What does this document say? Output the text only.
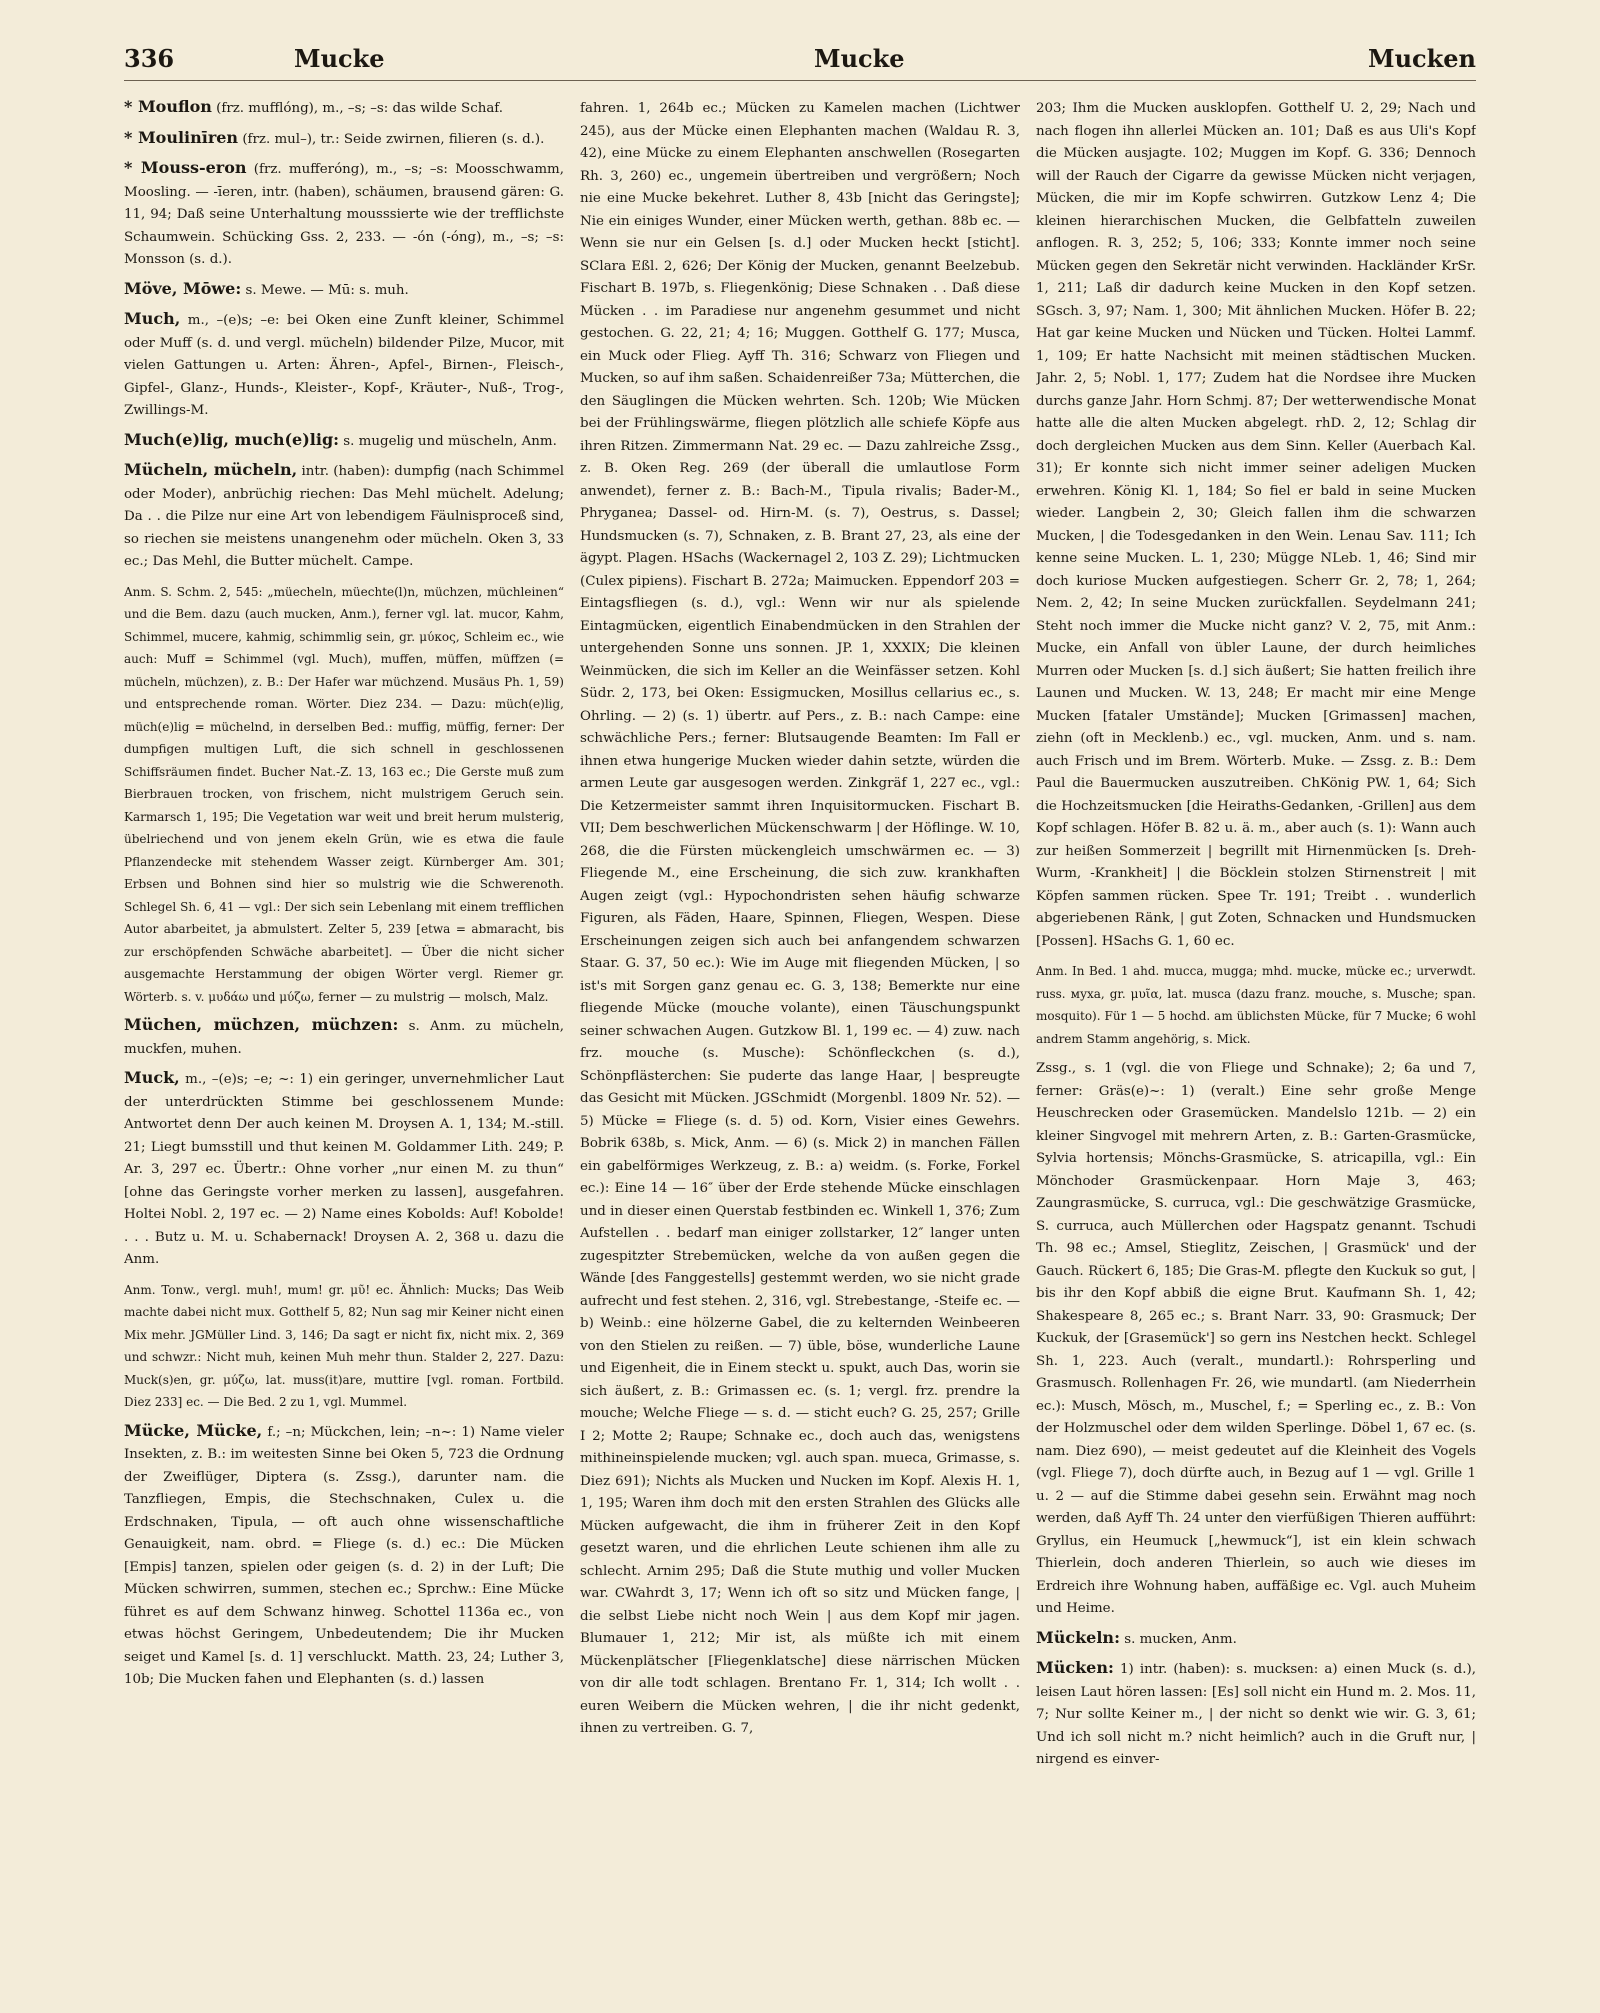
336	Mucke	Mucke	Mucken

* Mouflon (frz. mufflóng), m., –s; –s: das wilde Schaf.

* Moulinīren (frz. mul–), tr.: Seide zwirnen, filieren (s. d.).

* Mouss-eron (frz. mufferóng), m., –s; –s: Moosschwamm, Moosling. — -īeren, intr. (haben), schäumen, brausend gären: G. 11, 94; Daß seine Unterhaltung mousssierte wie der trefflichste Schaumwein. Schücking Gss. 2, 233. — -ón (-óng), m., –s; –s: Monsson (s. d.).

Möve, Mōwe: s. Mewe. — Mū: s. muh.

Much, m., –(e)s; –e: bei Oken eine Zunft kleiner, Schimmel oder Muff (s. d. und vergl. mücheln) bildender Pilze, Mucor, mit vielen Gattungen u. Arten: Ähren-, Apfel-, Birnen-, Fleisch-, Gipfel-, Glanz-, Hunds-, Kleister-, Kopf-, Kräuter-, Nuß-, Trog-, Zwillings-M.

Much(e)lig, much(e)lig: s. mugelig und müscheln, Anm.

Mücheln, mücheln, intr. (haben): dumpfig (nach Schimmel oder Moder), anbrüchig riechen: Das Mehl müchelt. Adelung; Da . . die Pilze nur eine Art von lebendigem Fäulnisproceß sind, so riechen sie meistens unangenehm oder mücheln. Oken 3, 33 ec.; Das Mehl, die Butter müchelt. Campe.

Anm. S. Schm. 2, 545: „müecheln, müechte(l)n, müchzen, müchleinen“ und die Bem. dazu (auch mucken, Anm.), ferner vgl. lat. mucor, Kahm, Schimmel, mucere, kahmig, schimmlig sein, gr. μύκος, Schleim ec., wie auch: Muff = Schimmel (vgl. Much), muffen, müffen, müffzen (= mücheln, müchzen), z. B.: Der Hafer war müchzend. Musäus Ph. 1, 59) und entsprechende roman. Wörter. Diez 234. — Dazu: müch(e)lig, müch(e)lig = müchelnd, in derselben Bed.: muffig, müffig, ferner: Der dumpfigen multigen Luft, die sich schnell in geschlossenen Schiffsräumen findet. Bucher Nat.-Z. 13, 163 ec.; Die Gerste muß zum Bierbrauen trocken, von frischem, nicht mulstrigem Geruch sein. Karmarsch 1, 195; Die Vegetation war weit und breit herum mulsterig, übelriechend und von jenem ekeln Grün, wie es etwa die faule Pflanzendecke mit stehendem Wasser zeigt. Kürnberger Am. 301; Erbsen und Bohnen sind hier so mulstrig wie die Schwerenoth. Schlegel Sh. 6, 41 — vgl.: Der sich sein Lebenlang mit einem trefflichen Autor abarbeitet, ja abmulstert. Zelter 5, 239 [etwa = abmaracht, bis zur erschöpfenden Schwäche abarbeitet]. — Über die nicht sicher ausgemachte Herstammung der obigen Wörter vergl. Riemer gr. Wörterb. s. v. μυδάω und μύζω, ferner — zu mulstrig — molsch, Malz.

Müchen, müchzen, müchzen: s. Anm. zu mücheln, muckfen, muhen.

Muck, m., –(e)s; –e; ~: 1) ein geringer, unvernehmlicher Laut der unterdrückten Stimme bei geschlossenem Munde: Antwortet denn Der auch keinen M. Droysen A. 1, 134; M.-still. 21; Liegt bumsstill und thut keinen M. Goldammer Lith. 249; P. Ar. 3, 297 ec. Übertr.: Ohne vorher „nur einen M. zu thun“ [ohne das Geringste vorher merken zu lassen], ausgefahren. Holtei Nobl. 2, 197 ec. — 2) Name eines Kobolds: Auf! Kobolde! . . . Butz u. M. u. Schabernack! Droysen A. 2, 368 u. dazu die Anm.

Anm. Tonw., vergl. muh!, mum! gr. μῦ! ec. Ähnlich: Mucks; Das Weib machte dabei nicht mux. Gotthelf 5, 82; Nun sag mir Keiner nicht einen Mix mehr. JGMüller Lind. 3, 146; Da sagt er nicht fix, nicht mix. 2, 369 und schwzr.: Nicht muh, keinen Muh mehr thun. Stalder 2, 227. Dazu: Muck(s)en, gr. μύζω, lat. muss(it)are, muttire [vgl. roman. Fortbild. Diez 233] ec. — Die Bed. 2 zu 1, vgl. Mummel.

Mücke, Mücke, f.; –n; Mückchen, lein; –n~: 1) Name vieler Insekten, z. B.: im weitesten Sinne bei Oken 5, 723 die Ordnung der Zweiflüger, Diptera (s. Zssg.), darunter nam. die Tanzfliegen, Empis, die Stechschnaken, Culex u. die Erdschnaken, Tipula, — oft auch ohne wissenschaftliche Genauigkeit, nam. obrd. = Fliege (s. d.) ec.: Die Mücken [Empis] tanzen, spielen oder geigen (s. d. 2) in der Luft; Die Mücken schwirren, summen, stechen ec.; Sprchw.: Eine Mücke führet es auf dem Schwanz hinweg. Schottel 1136a ec., von etwas höchst Geringem, Unbedeutendem; Die ihr Mucken seiget und Kamel [s. d. 1] verschluckt. Matth. 23, 24; Luther 3, 10b; Die Mucken fahen und Elephanten (s. d.) lassen

fahren. 1, 264b ec.; Mücken zu Kamelen machen (Lichtwer 245), aus der Mücke einen Elephanten machen (Waldau R. 3, 42), eine Mücke zu einem Elephanten anschwellen (Rosegarten Rh. 3, 260) ec., ungemein übertreiben und vergrößern; Noch nie eine Mucke bekehret. Luther 8, 43b [nicht das Geringste]; Nie ein einiges Wunder, einer Mücken werth, gethan. 88b ec. — Wenn sie nur ein Gelsen [s. d.] oder Mucken heckt [sticht]. SClara Eßl. 2, 626; Der König der Mucken, genannt Beelzebub. Fischart B. 197b, s. Fliegenkönig; Diese Schnaken . . Daß diese Mücken . . im Paradiese nur angenehm gesummet und nicht gestochen. G. 22, 21; 4; 16; Muggen. Gotthelf G. 177; Musca, ein Muck oder Flieg. Ayff Th. 316; Schwarz von Fliegen und Mucken, so auf ihm saßen. Schaidenreißer 73a; Mütterchen, die den Säuglingen die Mücken wehrten. Sch. 120b; Wie Mücken bei der Frühlingswärme, fliegen plötzlich alle schiefe Köpfe aus ihren Ritzen. Zimmermann Nat. 29 ec. — Dazu zahlreiche Zssg., z. B. Oken Reg. 269 (der überall die umlautlose Form anwendet), ferner z. B.: Bach-M., Tipula rivalis; Bader-M., Phryganea; Dassel- od. Hirn-M. (s. 7), Oestrus, s. Dassel; Hundsmucken (s. 7), Schnaken, z. B. Brant 27, 23, als eine der ägypt. Plagen. HSachs (Wackernagel 2, 103 Z. 29); Lichtmucken (Culex pipiens). Fischart B. 272a; Maimucken. Eppendorf 203 = Eintagsfliegen (s. d.), vgl.: Wenn wir nur als spielende Eintagmücken, eigentlich Einabendmücken in den Strahlen der untergehenden Sonne uns sonnen. JP. 1, XXXIX; Die kleinen Weinmücken, die sich im Keller an die Weinfässer setzen. Kohl Südr. 2, 173, bei Oken: Essigmucken, Mosillus cellarius ec., s. Ohrling. — 2) (s. 1) übertr. auf Pers., z. B.: nach Campe: eine schwächliche Pers.; ferner: Blutsaugende Beamten: Im Fall er ihnen etwa hungerige Mucken wieder dahin setzte, würden die armen Leute gar ausgesogen werden. Zinkgräf 1, 227 ec., vgl.: Die Ketzermeister sammt ihren Inquisitormucken. Fischart B. VII; Dem beschwerlichen Mückenschwarm | der Höflinge. W. 10, 268, die die Fürsten mückengleich umschwärmen ec. — 3) Fliegende M., eine Erscheinung, die sich zuw. krankhaften Augen zeigt (vgl.: Hypochondristen sehen häufig schwarze Figuren, als Fäden, Haare, Spinnen, Fliegen, Wespen. Diese Erscheinungen zeigen sich auch bei anfangendem schwarzen Staar. G. 37, 50 ec.): Wie im Auge mit fliegenden Mücken, | so ist's mit Sorgen ganz genau ec. G. 3, 138; Bemerkte nur eine fliegende Mücke (mouche volante), einen Täuschungspunkt seiner schwachen Augen. Gutzkow Bl. 1, 199 ec. — 4) zuw. nach frz. mouche (s. Musche): Schönfleckchen (s. d.), Schönpflästerchen: Sie puderte das lange Haar, | bespreugte das Gesicht mit Mücken. JGSchmidt (Morgenbl. 1809 Nr. 52). — 5) Mücke = Fliege (s. d. 5) od. Korn, Visier eines Gewehrs. Bobrik 638b, s. Mick, Anm. — 6) (s. Mick 2) in manchen Fällen ein gabelförmiges Werkzeug, z. B.: a) weidm. (s. Forke, Forkel ec.): Eine 14 — 16″ über der Erde stehende Mücke einschlagen und in dieser einen Querstab festbinden ec. Winkell 1, 376; Zum Aufstellen . . bedarf man einiger zollstarker, 12″ langer unten zugespitzter Strebemücken, welche da von außen gegen die Wände [des Fanggestells] gestemmt werden, wo sie nicht grade aufrecht und fest stehen. 2, 316, vgl. Strebestange, -Steife ec. — b) Weinb.: eine hölzerne Gabel, die zu kelternden Weinbeeren von den Stielen zu reißen. — 7) üble, böse, wunderliche Laune und Eigenheit, die in Einem steckt u. spukt, auch Das, worin sie sich äußert, z. B.: Grimassen ec. (s. 1; vergl. frz. prendre la mouche; Welche Fliege — s. d. — sticht euch? G. 25, 257; Grille I 2; Motte 2; Raupe; Schnake ec., doch auch das, wenigstens mithineinspielende mucken; vgl. auch span. mueca, Grimasse, s. Diez 691); Nichts als Mucken und Nucken im Kopf. Alexis H. 1, 1, 195; Waren ihm doch mit den ersten Strahlen des Glücks alle Mücken aufgewacht, die ihm in früherer Zeit in den Kopf gesetzt waren, und die ehrlichen Leute schienen ihm alle zu schlecht. Arnim 295; Daß die Stute muthig und voller Mucken war. CWahrdt 3, 17; Wenn ich oft so sitz und Mücken fange, | die selbst Liebe nicht noch Wein | aus dem Kopf mir jagen. Blumauer 1, 212; Mir ist, als müßte ich mit einem Mückenplätscher [Fliegenklatsche] diese närrischen Mücken von dir alle todt schlagen. Brentano Fr. 1, 314; Ich wollt . . euren Weibern die Mücken wehren, | die ihr nicht gedenkt, ihnen zu vertreiben. G. 7,

203; Ihm die Mucken ausklopfen. Gotthelf U. 2, 29; Nach und nach flogen ihn allerlei Mücken an. 101; Daß es aus Uli's Kopf die Mücken ausjagte. 102; Muggen im Kopf. G. 336; Dennoch will der Rauch der Cigarre da gewisse Mücken nicht verjagen, Mücken, die mir im Kopfe schwirren. Gutzkow Lenz 4; Die kleinen hierarchischen Mucken, die Gelbfatteln zuweilen anflogen. R. 3, 252; 5, 106; 333; Konnte immer noch seine Mücken gegen den Sekretär nicht verwinden. Hackländer KrSr. 1, 211; Laß dir dadurch keine Mucken in den Kopf setzen. SGsch. 3, 97; Nam. 1, 300; Mit ähnlichen Mucken. Höfer B. 22; Hat gar keine Mucken und Nücken und Tücken. Holtei Lammf. 1, 109; Er hatte Nachsicht mit meinen städtischen Mucken. Jahr. 2, 5; Nobl. 1, 177; Zudem hat die Nordsee ihre Mucken durchs ganze Jahr. Horn Schmj. 87; Der wetterwendische Monat hatte alle die alten Mucken abgelegt. rhD. 2, 12; Schlag dir doch dergleichen Mucken aus dem Sinn. Keller (Auerbach Kal. 31); Er konnte sich nicht immer seiner adeligen Mucken erwehren. König Kl. 1, 184; So fiel er bald in seine Mucken wieder. Langbein 2, 30; Gleich fallen ihm die schwarzen Mucken, | die Todesgedanken in den Wein. Lenau Sav. 111; Ich kenne seine Mucken. L. 1, 230; Mügge NLeb. 1, 46; Sind mir doch kuriose Mucken aufgestiegen. Scherr Gr. 2, 78; 1, 264; Nem. 2, 42; In seine Mucken zurückfallen. Seydelmann 241; Steht noch immer die Mucke nicht ganz? V. 2, 75, mit Anm.: Mucke, ein Anfall von übler Laune, der durch heimliches Murren oder Mucken [s. d.] sich äußert; Sie hatten freilich ihre Launen und Mucken. W. 13, 248; Er macht mir eine Menge Mucken [fataler Umstände]; Mucken [Grimassen] machen, ziehn (oft in Mecklenb.) ec., vgl. mucken, Anm. und s. nam. auch Frisch und im Brem. Wörterb. Muke. — Zssg. z. B.: Dem Paul die Bauermucken auszutreiben. ChKönig PW. 1, 64; Sich die Hochzeitsmucken [die Heiraths-Gedanken, -Grillen] aus dem Kopf schlagen. Höfer B. 82 u. ä. m., aber auch (s. 1): Wann auch zur heißen Sommerzeit | begrillt mit Hirnenmücken [s. Dreh-Wurm, -Krankheit] | die Böcklein stolzen Stirnenstreit | mit Köpfen sammen rücken. Spee Tr. 191; Treibt . . wunderlich abgeriebenen Ränk, | gut Zoten, Schnacken und Hundsmucken [Possen]. HSachs G. 1, 60 ec.

Anm. In Bed. 1 ahd. mucca, mugga; mhd. mucke, mücke ec.; urverwdt. russ. мухa, gr. μυῖα, lat. musca (dazu franz. mouche, s. Musche; span. mosquito). Für 1 — 5 hochd. am üblichsten Mücke, für 7 Mucke; 6 wohl andrem Stamm angehörig, s. Mick.

Zssg., s. 1 (vgl. die von Fliege und Schnake); 2; 6a und 7, ferner: Gräs(e)~: 1) (veralt.) Eine sehr große Menge Heuschrecken oder Grasemücken. Mandelslo 121b. — 2) ein kleiner Singvogel mit mehrern Arten, z. B.: Garten-Grasmücke, Sylvia hortensis; Mönchs-Grasmücke, S. atricapilla, vgl.: Ein Mönchoder Grasmückenpaar. Horn Maje 3, 463; Zaungrasmücke, S. curruca, vgl.: Die geschwätzige Grasmücke, S. curruca, auch Müllerchen oder Hagspatz genannt. Tschudi Th. 98 ec.; Amsel, Stieglitz, Zeischen, | Grasmück' und der Gauch. Rückert 6, 185; Die Gras-M. pflegte den Kuckuk so gut, | bis ihr den Kopf abbiß die eigne Brut. Kaufmann Sh. 1, 42; Shakespeare 8, 265 ec.; s. Brant Narr. 33, 90: Grasmuck; Der Kuckuk, der [Grasemück'] so gern ins Nestchen heckt. Schlegel Sh. 1, 223. Auch (veralt., mundartl.): Rohrsperling und Grasmusch. Rollenhagen Fr. 26, wie mundartl. (am Niederrhein ec.): Musch, Mösch, m., Muschel, f.; = Sperling ec., z. B.: Von der Holzmuschel oder dem wilden Sperlinge. Döbel 1, 67 ec. (s. nam. Diez 690), — meist gedeutet auf die Kleinheit des Vogels (vgl. Fliege 7), doch dürfte auch, in Bezug auf 1 — vgl. Grille 1 u. 2 — auf die Stimme dabei gesehn sein. Erwähnt mag noch werden, daß Ayff Th. 24 unter den vierfüßigen Thieren aufführt: Gryllus, ein Heumuck [„hewmuck“], ist ein klein schwach Thierlein, doch anderen Thierlein, so auch wie dieses im Erdreich ihre Wohnung haben, auffäßige ec. Vgl. auch Muheim und Heime.

Mückeln: s. mucken, Anm.

Mücken: 1) intr. (haben): s. mucksen: a) einen Muck (s. d.), leisen Laut hören lassen: [Es] soll nicht ein Hund m. 2. Mos. 11, 7; Nur sollte Keiner m., | der nicht so denkt wie wir. G. 3, 61; Und ich soll nicht m.? nicht heimlich? auch in die Gruft nur, | nirgend es einver-
